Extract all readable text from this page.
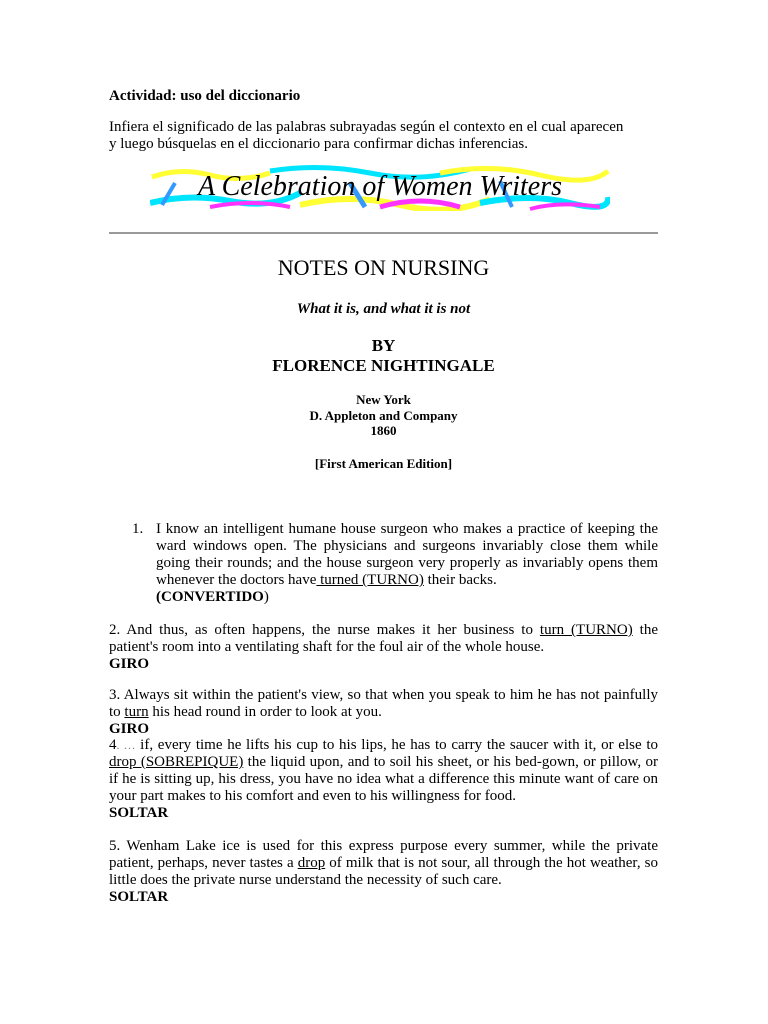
Actividad: uso del diccionario
Infiera el significado de las palabras subrayadas según el contexto en el cual aparecen
y luego búsquelas en el diccionario para confirmar dichas inferencias.
A Celebration of Women Writers
NOTES ON NURSING
What it is, and what it is not
BY
FLORENCE NIGHTINGALE
New York
D. Appleton and Company
1860
[First American Edition]
1. I know an intelligent humane house surgeon who makes a practice of keeping the ward windows open. The physicians and surgeons invariably close them while going their rounds; and the house surgeon very properly as invariably opens them whenever the doctors have turned (TURNO) their backs.
(CONVERTIDO)
2. And thus, as often happens, the nurse makes it her business to turn (TURNO) the patient's room into a ventilating shaft for the foul air of the whole house.
GIRO
3. Always sit within the patient's view, so that when you speak to him he has not painfully to turn his head round in order to look at you.
GIRO
4. … if, every time he lifts his cup to his lips, he has to carry the saucer with it, or else to drop (SOBREPIQUE) the liquid upon, and to soil his sheet, or his bed-gown, or pillow, or if he is sitting up, his dress, you have no idea what a difference this minute want of care on your part makes to his comfort and even to his willingness for food.
SOLTAR
5. Wenham Lake ice is used for this express purpose every summer, while the private patient, perhaps, never tastes a drop of milk that is not sour, all through the hot weather, so little does the private nurse understand the necessity of such care.
SOLTAR
